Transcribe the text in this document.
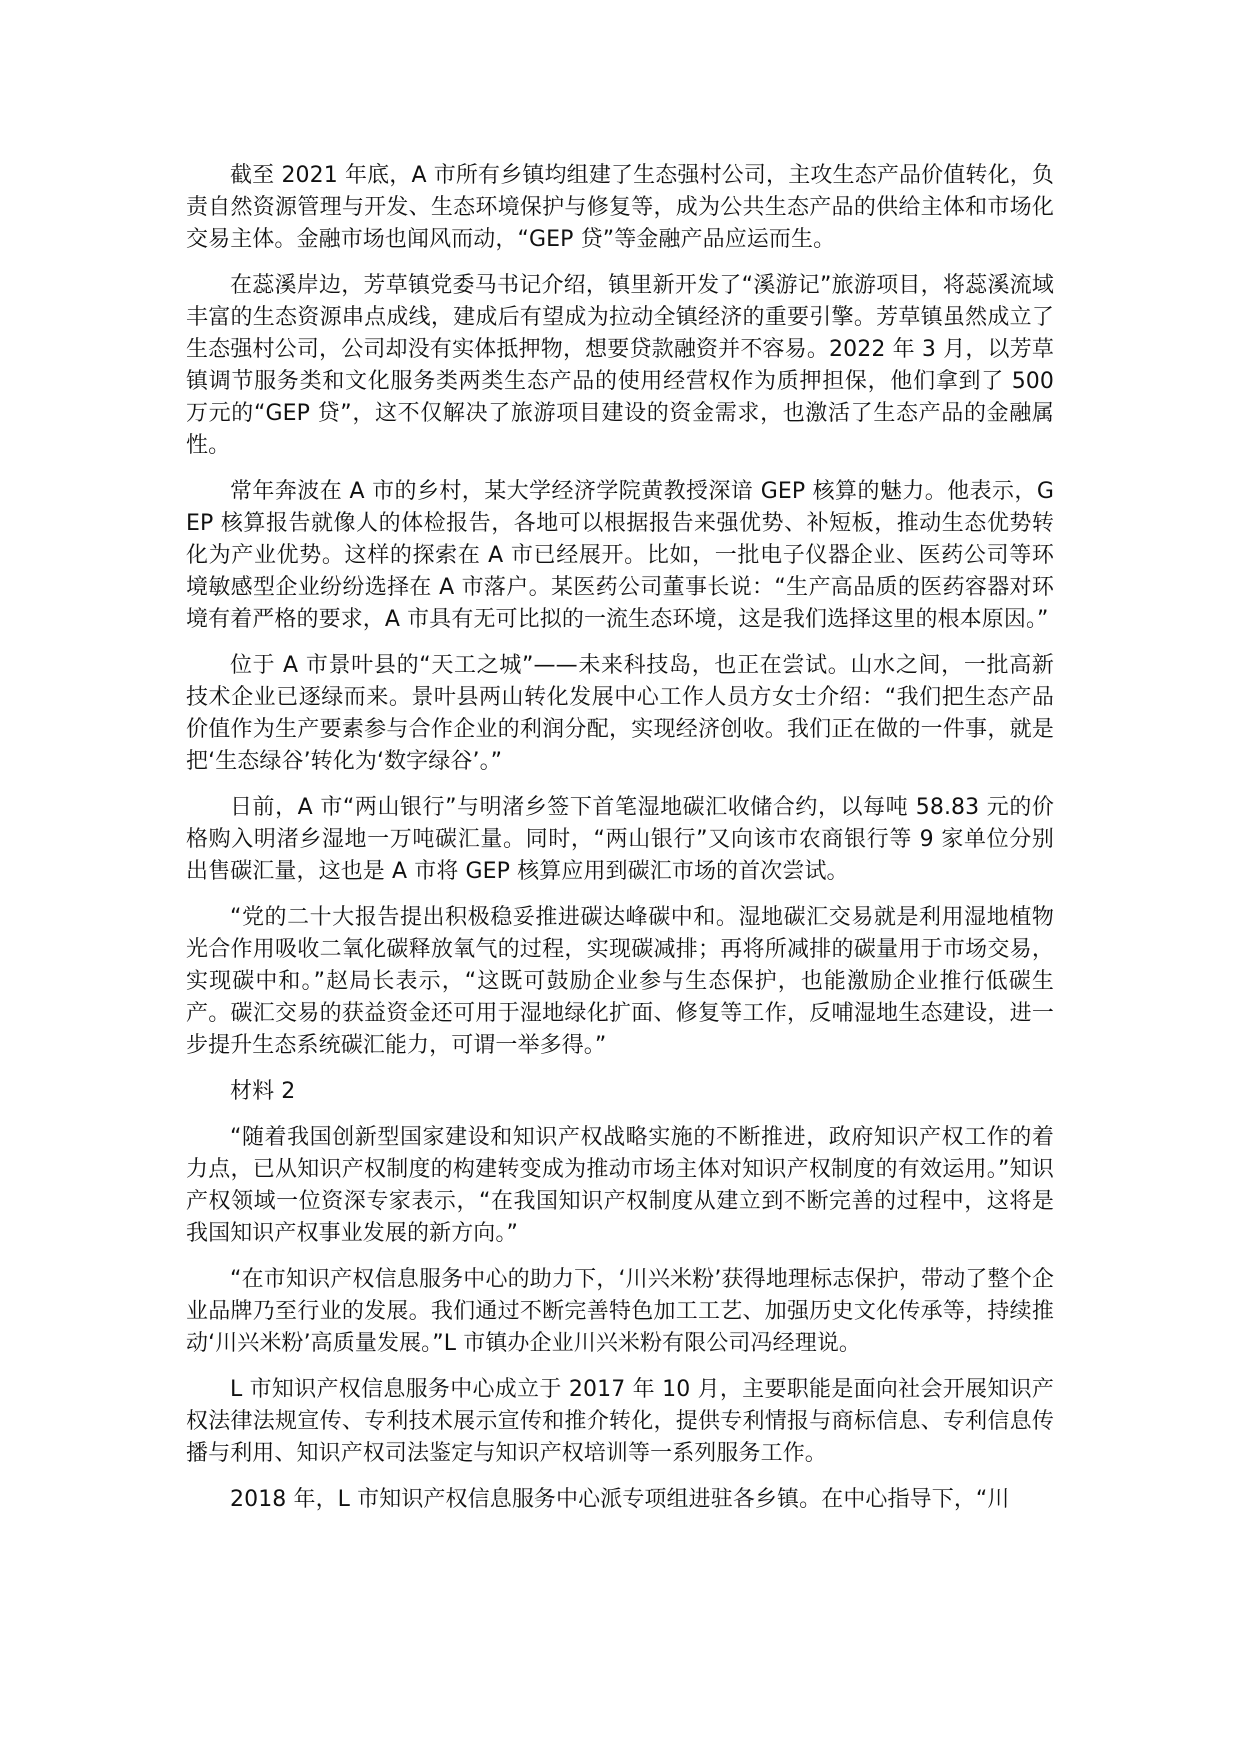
截至 2021 年底，A 市所有乡镇均组建了生态强村公司，主攻生态产品价值转化，负责自然资源管理与开发、生态环境保护与修复等，成为公共生态产品的供给主体和市场化交易主体。金融市场也闻风而动，“GEP 贷”等金融产品应运而生。

在蕊溪岸边，芳草镇党委马书记介绍，镇里新开发了“溪游记”旅游项目，将蕊溪流域丰富的生态资源串点成线，建成后有望成为拉动全镇经济的重要引擎。芳草镇虽然成立了生态强村公司，公司却没有实体抵押物，想要贷款融资并不容易。2022 年 3 月，以芳草镇调节服务类和文化服务类两类生态产品的使用经营权作为质押担保，他们拿到了 500 万元的“GEP 贷”，这不仅解决了旅游项目建设的资金需求，也激活了生态产品的金融属性。

常年奔波在 A 市的乡村，某大学经济学院黄教授深谙 GEP 核算的魅力。他表示，GEP 核算报告就像人的体检报告，各地可以根据报告来强优势、补短板，推动生态优势转化为产业优势。这样的探索在 A 市已经展开。比如，一批电子仪器企业、医药公司等环境敏感型企业纷纷选择在 A 市落户。某医药公司董事长说：“生产高品质的医药容器对环境有着严格的要求，A 市具有无可比拟的一流生态环境，这是我们选择这里的根本原因。”

位于 A 市景叶县的“天工之城”——未来科技岛，也正在尝试。山水之间，一批高新技术企业已逐绿而来。景叶县两山转化发展中心工作人员方女士介绍：“我们把生态产品价值作为生产要素参与合作企业的利润分配，实现经济创收。我们正在做的一件事，就是把‘生态绿谷’转化为‘数字绿谷’。”

日前，A 市“两山银行”与明渚乡签下首笔湿地碳汇收储合约，以每吨 58.83 元的价格购入明渚乡湿地一万吨碳汇量。同时，“两山银行”又向该市农商银行等 9 家单位分别出售碳汇量，这也是 A 市将 GEP 核算应用到碳汇市场的首次尝试。

“党的二十大报告提出积极稳妥推进碳达峰碳中和。湿地碳汇交易就是利用湿地植物光合作用吸收二氧化碳释放氧气的过程，实现碳减排；再将所减排的碳量用于市场交易，实现碳中和。”赵局长表示，“这既可鼓励企业参与生态保护，也能激励企业推行低碳生产。碳汇交易的获益资金还可用于湿地绿化扩面、修复等工作，反哺湿地生态建设，进一步提升生态系统碳汇能力，可谓一举多得。”

材料 2

“随着我国创新型国家建设和知识产权战略实施的不断推进，政府知识产权工作的着力点，已从知识产权制度的构建转变成为推动市场主体对知识产权制度的有效运用。”知识产权领域一位资深专家表示，“在我国知识产权制度从建立到不断完善的过程中，这将是我国知识产权事业发展的新方向。”

“在市知识产权信息服务中心的助力下，‘川兴米粉’获得地理标志保护，带动了整个企业品牌乃至行业的发展。我们通过不断完善特色加工工艺、加强历史文化传承等，持续推动‘川兴米粉’高质量发展。”L 市镇办企业川兴米粉有限公司冯经理说。

L 市知识产权信息服务中心成立于 2017 年 10 月，主要职能是面向社会开展知识产权法律法规宣传、专利技术展示宣传和推介转化，提供专利情报与商标信息、专利信息传播与利用、知识产权司法鉴定与知识产权培训等一系列服务工作。

2018 年，L 市知识产权信息服务中心派专项组进驻各乡镇。在中心指导下，“川
